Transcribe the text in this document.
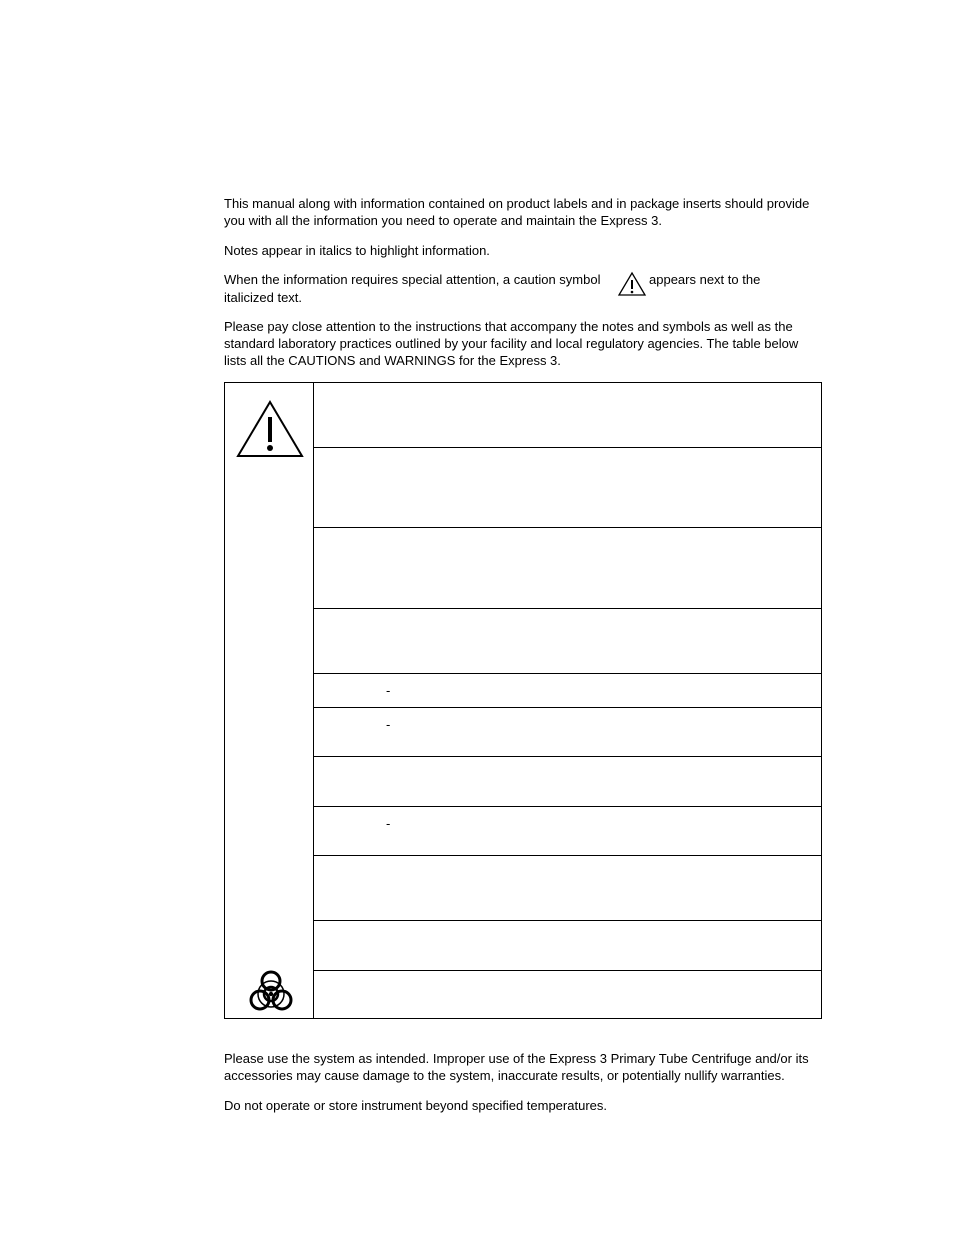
This manual along with information contained on product labels and in package inserts should provide you with all the information you need to operate and maintain the Express 3.

Notes appear in italics to highlight information.

When the information requires special attention, a caution symbol	appears next to the

italicized text.

Please pay close attention to the instructions that accompany the notes and symbols as well as the standard laboratory practices outlined by your facility and local regulatory agencies. The table below lists all the CAUTIONS and WARNINGS for the Express 3.

-
-
-

Please use the system as intended. Improper use of the Express 3 Primary Tube Centrifuge and/or its accessories may cause damage to the system, inaccurate results, or potentially nullify warranties.

Do not operate or store instrument beyond specified temperatures.
